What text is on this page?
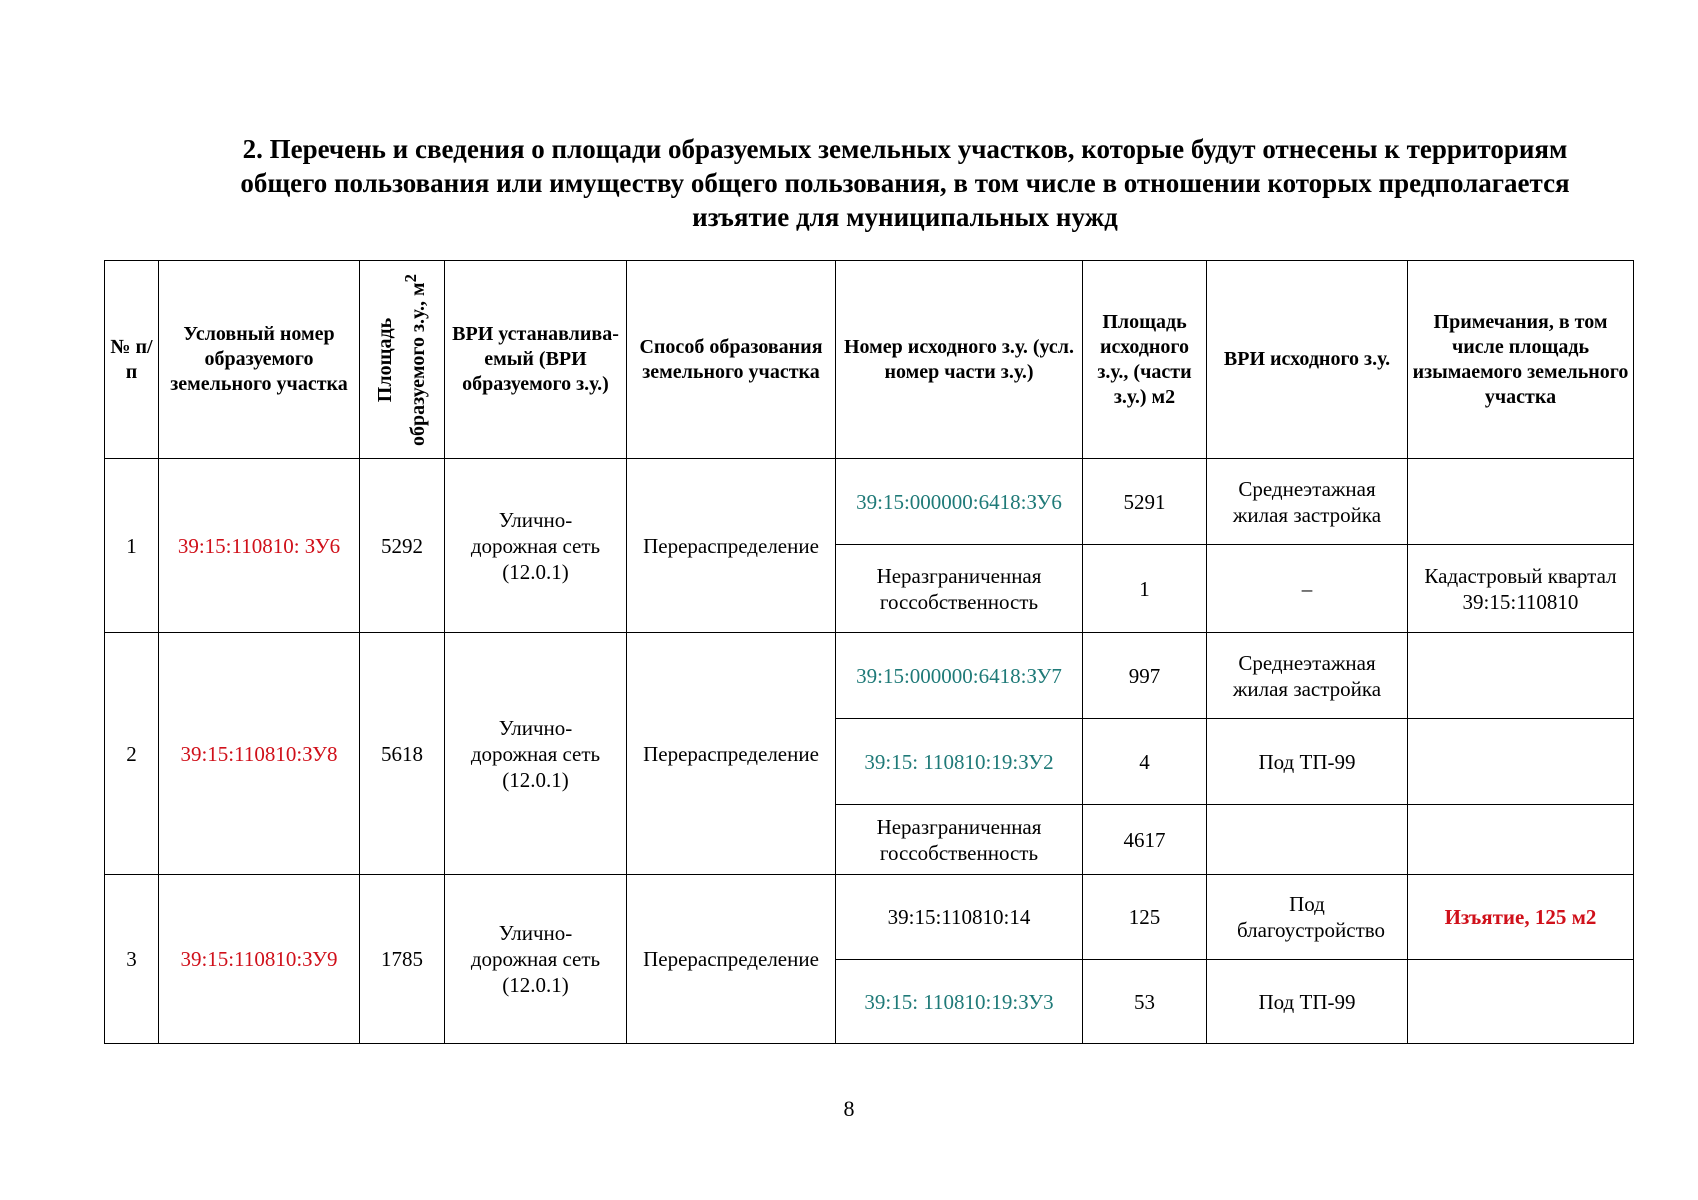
2. Перечень и сведения о площади образуемых земельных участков, которые будут отнесены к территориям
общего пользования или имуществу общего пользования, в том числе в отношении которых предполагается
изъятие для муниципальных нужд
№ п/п	Условный номер образуемого земельного участка	Площадь образуемого з.у., $м^2$	ВРИ устанавлива-емый (ВРИ образуемого з.у.)	Способ образования земельного участка	Номер исходного з.у. (усл. номер части з.у.)	Площадь исходного з.у., (части з.у.) м2	ВРИ исходного з.у.	Примечания, в том числе площадь изымаемого земельного участка
1	39:15:110810: ЗУ6	5292	Улично-дорожная сеть (12.0.1)	Перераспределение	39:15:000000:6418:ЗУ6	5291	Среднеэтажная жилая застройка	
					Неразграниченная госсобственность	1	–	Кадастровый квартал 39:15:110810
2	39:15:110810:ЗУ8	5618	Улично-дорожная сеть (12.0.1)	Перераспределение	39:15:000000:6418:ЗУ7	997	Среднеэтажная жилая застройка	
					39:15: 110810:19:ЗУ2	4	Под ТП-99	
					Неразграниченная госсобственность	4617		
3	39:15:110810:ЗУ9	1785	Улично-дорожная сеть (12.0.1)	Перераспределение	39:15:110810:14	125	Под благоустройство	Изъятие, 125 м2
					39:15: 110810:19:ЗУ3	53	Под ТП-99	
8
